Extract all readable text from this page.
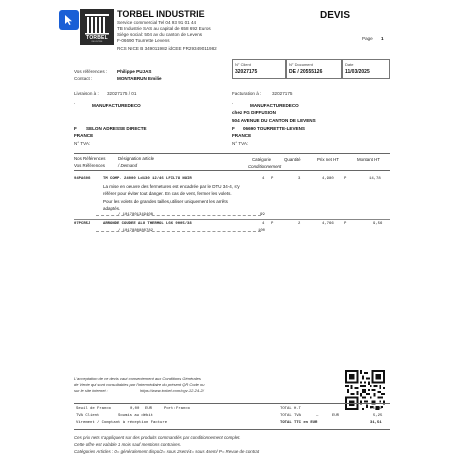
TORBEL
INDUSTRIE
TORBEL INDUSTRIE
Service commercial Tel 04 93 91 01 44
TB Industrie SAS au capital de 658 692 Euros
Siège social: 504 av du canton de Levens
F-06690 Tourrette Levens
RCS NICE B 349011982 idCEE FR29349011982
DEVIS
Page 1
Vos références : Philippe PUJAS
Contact :	MONTABRUN Emilie
N° Client
32027175
N° Document
DE / 20555126
Date
11/03/2025
Livraison à : 32027175 / 01	Facturation à : 32027175
.	MANUFACTUREDECO
F SELON ADRESSE DIRECTE
FRANCE
N° TVA:
.	MANUFACTUREDECO
chez FG DIFFUSION
504 AVENUE DU CANTON DE LEVENS
F 06690 TOURRETTE-LEVENS
FRANCE
N° TVA:
Nos Références
Vos Références
Désignation article
/ Demand
Catégorie
Conditionnement
Quantité	Prix net HT	Montant HT
94PA60G	TM COMP. 24000 Ld130 12/46 LFIL78 NOIR	4 P	3	4,980	P	14,78
La mise en oeuvre des fermetures est encadrée par le DTU 34-4, s'y
référer pour éviter tout danger. En cas de vent, fermer les volets.
Pour les volets de grandes tailles,utiliser uniquement les arrêts
adaptés.
/ 1017801349408	99
07PCR5J	ARRONDE COUDEE ALU THERMOL LG6 9005/38	4 P	2	4,766	P	9,56
/ 1017880880782	100
L'acceptation de ce devis vaut consentement aux Conditions Générales
de Vente qui sont consultables par l'intermédiaire du présent QR Code ou
sur le site internet :	https://www.torbel.com/cgv-12-24-2/
Seuil de Franco	0,00 EUR	Port: Franco
TVA Client	Soumis au débit
Virement / Comptant à réception Facture
TOTAL H.T	26,26
TOTAL TVA	—	EUR	5,25
TOTAL TTC en EUR	31,51
Ces prix nets s'appliquent sur des produits commandés par conditionnement complet.
Cette offre est valable 1 mois sauf mentions contraires.
Catégories Articles : 0= généralement dispo/2= sous 2sem/4= sous 4sem/ P= Revue de contrat
